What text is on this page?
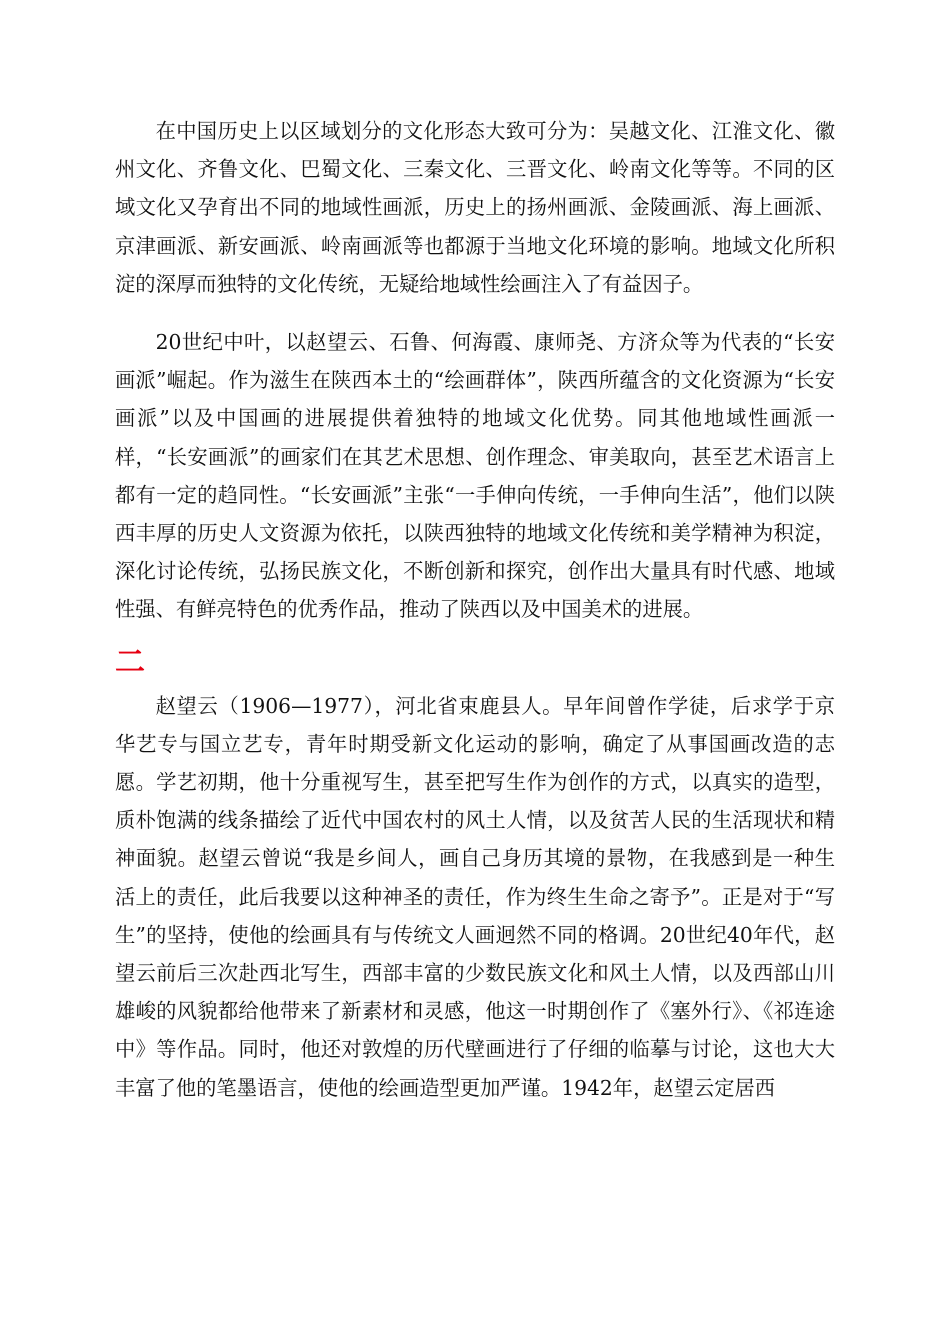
在中国历史上以区域划分的文化形态大致可分为：吴越文化、江淮文化、徽州文化、齐鲁文化、巴蜀文化、三秦文化、三晋文化、岭南文化等等。不同的区域文化又孕育出不同的地域性画派，历史上的扬州画派、金陵画派、海上画派、京津画派、新安画派、岭南画派等也都源于当地文化环境的影响。地域文化所积淀的深厚而独特的文化传统，无疑给地域性绘画注入了有益因子。

20世纪中叶，以赵望云、石鲁、何海霞、康师尧、方济众等为代表的“长安画派”崛起。作为滋生在陕西本土的“绘画群体”，陕西所蕴含的文化资源为“长安画派”以及中国画的进展提供着独特的地域文化优势。同其他地域性画派一样，“长安画派”的画家们在其艺术思想、创作理念、审美取向，甚至艺术语言上都有一定的趋同性。“长安画派”主张“一手伸向传统，一手伸向生活”，他们以陕西丰厚的历史人文资源为依托，以陕西独特的地域文化传统和美学精神为积淀，深化讨论传统，弘扬民族文化，不断创新和探究，创作出大量具有时代感、地域性强、有鲜亮特色的优秀作品，推动了陕西以及中国美术的进展。

二

赵望云（1906—1977），河北省束鹿县人。早年间曾作学徒，后求学于京华艺专与国立艺专，青年时期受新文化运动的影响，确定了从事国画改造的志愿。学艺初期，他十分重视写生，甚至把写生作为创作的方式，以真实的造型，质朴饱满的线条描绘了近代中国农村的风土人情，以及贫苦人民的生活现状和精神面貌。赵望云曾说“我是乡间人，画自己身历其境的景物，在我感到是一种生活上的责任，此后我要以这种神圣的责任，作为终生生命之寄予”。正是对于“写生”的坚持，使他的绘画具有与传统文人画迥然不同的格调。20世纪40年代，赵望云前后三次赴西北写生，西部丰富的少数民族文化和风土人情，以及西部山川雄峻的风貌都给他带来了新素材和灵感，他这一时期创作了《塞外行》、《祁连途中》等作品。同时，他还对敦煌的历代壁画进行了仔细的临摹与讨论，这也大大丰富了他的笔墨语言，使他的绘画造型更加严谨。1942年，赵望云定居西
